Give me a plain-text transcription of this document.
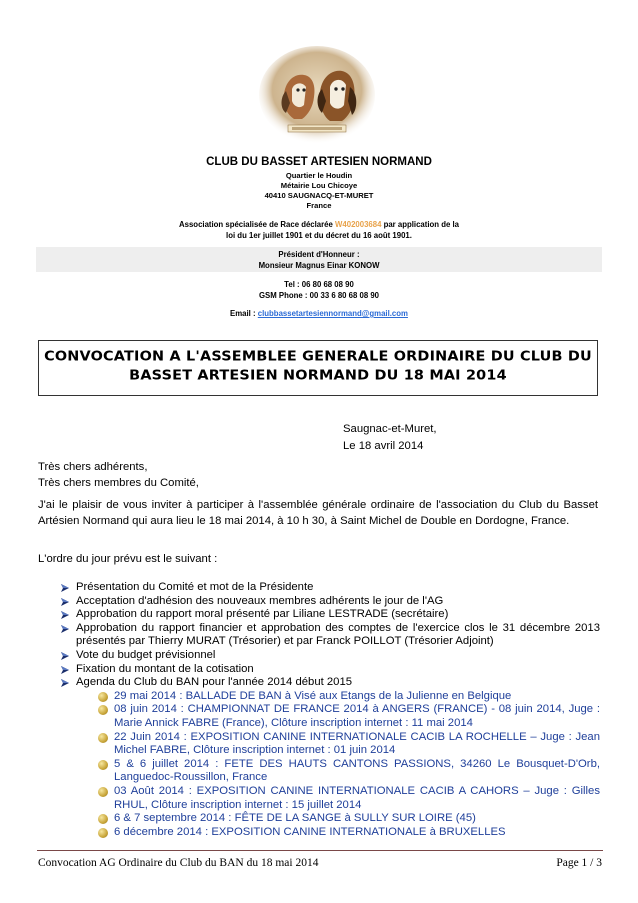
CLUB DU BASSET ARTESIEN NORMAND
Quartier le Houdin
Métairie Lou Chicoye
40410 SAUGNACQ-ET-MURET
France
Association spécialisée de Race déclarée W402003684 par application de la
loi du 1er juillet 1901 et du décret du 16 août 1901.
Président d'Honneur :
Monsieur Magnus Einar KONOW
Tel : 06 80 68 08 90
GSM Phone : 00 33 6 80 68 08 90
Email : clubbassetartesiennormand@gmail.com
CONVOCATION A L'ASSEMBLEE GENERALE ORDINAIRE DU CLUB DU
BASSET ARTESIEN NORMAND DU 18 MAI 2014
Saugnac-et-Muret,
Le 18 avril 2014
Très chers adhérents,
Très chers membres du Comité,
J'ai le plaisir de vous inviter à participer à l'assemblée générale ordinaire de l'association du Club du Basset Artésien Normand qui aura lieu le 18 mai 2014, à 10 h 30, à Saint Michel de Double en Dordogne, France.
L'ordre du jour prévu est le suivant :
Présentation du Comité et mot de la Présidente
Acceptation d'adhésion des nouveaux membres adhérents le jour de l'AG
Approbation du rapport moral présenté par Liliane LESTRADE (secrétaire)
Approbation du rapport financier et approbation des comptes de l'exercice clos le 31 décembre 2013 présentés par Thierry MURAT (Trésorier) et par Franck POILLOT (Trésorier Adjoint)
Vote du budget prévisionnel
Fixation du montant de la cotisation
Agenda du Club du BAN pour l'année 2014 début 2015
29 mai 2014 : BALLADE DE BAN à Visé aux Etangs de la Julienne en Belgique
08 juin 2014 : CHAMPIONNAT DE FRANCE 2014 à ANGERS (FRANCE) - 08 juin 2014, Juge : Marie Annick FABRE (France), Clôture inscription internet : 11 mai 2014
22 Juin 2014 : EXPOSITION CANINE INTERNATIONALE CACIB LA ROCHELLE – Juge : Jean Michel FABRE, Clôture inscription internet : 01 juin 2014
5 & 6 juillet 2014 : FETE DES HAUTS CANTONS PASSIONS, 34260 Le Bousquet-D'Orb, Languedoc-Roussillon, France
03 Août 2014 : EXPOSITION CANINE INTERNATIONALE CACIB A CAHORS – Juge : Gilles RHUL, Clôture inscription internet : 15 juillet 2014
6 & 7 septembre 2014 : FÊTE DE LA SANGE à SULLY SUR LOIRE (45)
6 décembre 2014 : EXPOSITION CANINE INTERNATIONALE à BRUXELLES
Convocation AG Ordinaire du Club du BAN du 18 mai 2014	Page 1 / 3
